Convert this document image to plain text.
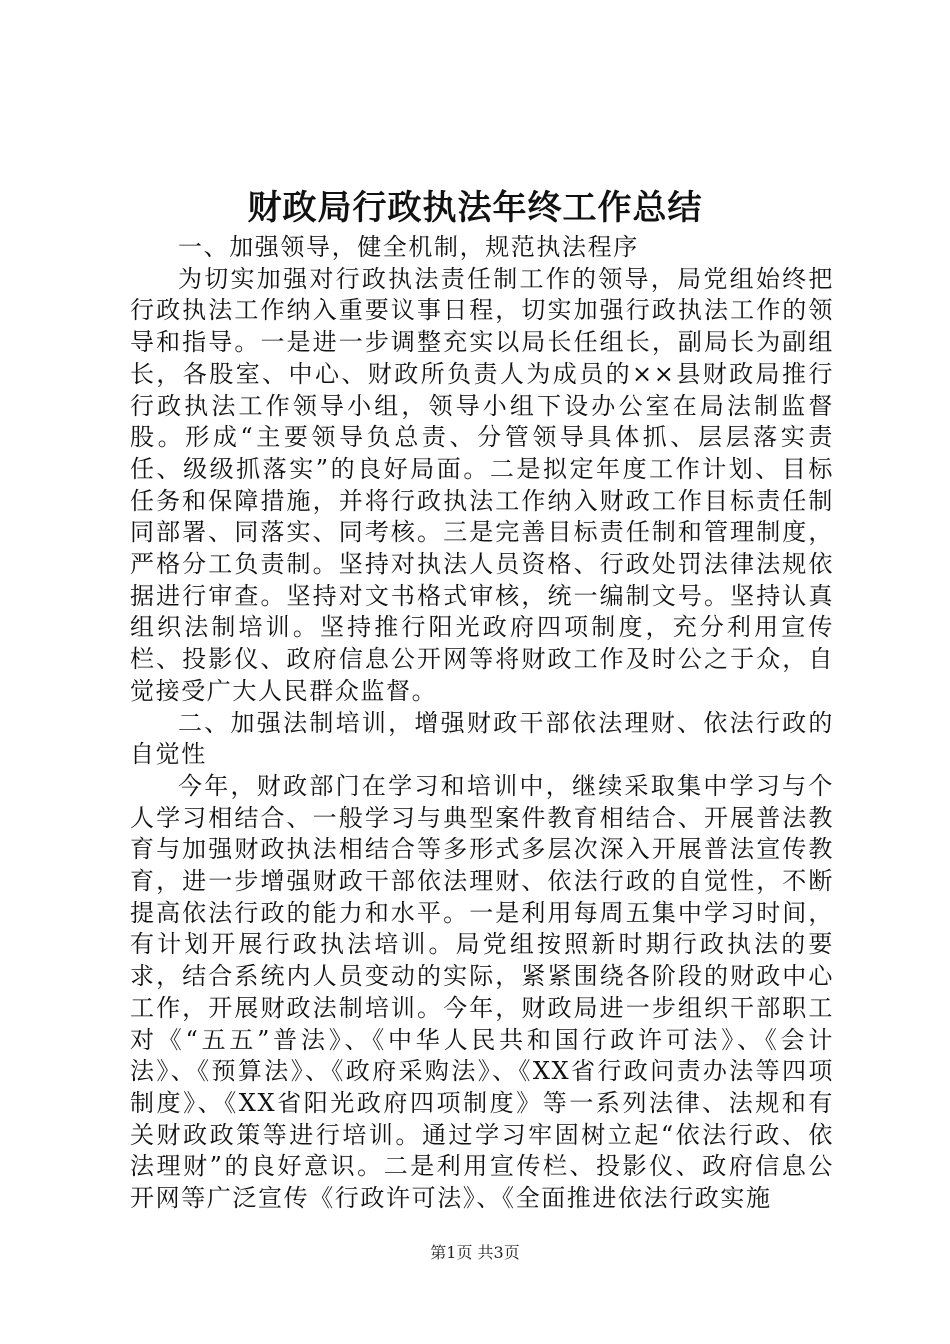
财政局行政执法年终工作总结

一、加强领导，健全机制，规范执法程序

为切实加强对行政执法责任制工作的领导，局党组始终把行政执法工作纳入重要议事日程，切实加强行政执法工作的领导和指导。一是进一步调整充实以局长任组长，副局长为副组长，各股室、中心、财政所负责人为成员的××县财政局推行行政执法工作领导小组，领导小组下设办公室在局法制监督股。形成“主要领导负总责、分管领导具体抓、层层落实责任、级级抓落实”的良好局面。二是拟定年度工作计划、目标任务和保障措施，并将行政执法工作纳入财政工作目标责任制同部署、同落实、同考核。三是完善目标责任制和管理制度，严格分工负责制。坚持对执法人员资格、行政处罚法律法规依据进行审查。坚持对文书格式审核，统一编制文号。坚持认真组织法制培训。坚持推行阳光政府四项制度，充分利用宣传栏、投影仪、政府信息公开网等将财政工作及时公之于众，自觉接受广大人民群众监督。

二、加强法制培训，增强财政干部依法理财、依法行政的自觉性

今年，财政部门在学习和培训中，继续采取集中学习与个人学习相结合、一般学习与典型案件教育相结合、开展普法教育与加强财政执法相结合等多形式多层次深入开展普法宣传教育，进一步增强财政干部依法理财、依法行政的自觉性，不断提高依法行政的能力和水平。一是利用每周五集中学习时间，有计划开展行政执法培训。局党组按照新时期行政执法的要求，结合系统内人员变动的实际，紧紧围绕各阶段的财政中心工作，开展财政法制培训。今年，财政局进一步组织干部职工对《“五五”普法》、《中华人民共和国行政许可法》、《会计法》、《预算法》、《政府采购法》、《XX省行政问责办法等四项制度》、《XX省阳光政府四项制度》等一系列法律、法规和有关财政政策等进行培训。通过学习牢固树立起“依法行政、依法理财”的良好意识。二是利用宣传栏、投影仪、政府信息公开网等广泛宣传《行政许可法》、《全面推进依法行政实施

第1页 共3页
